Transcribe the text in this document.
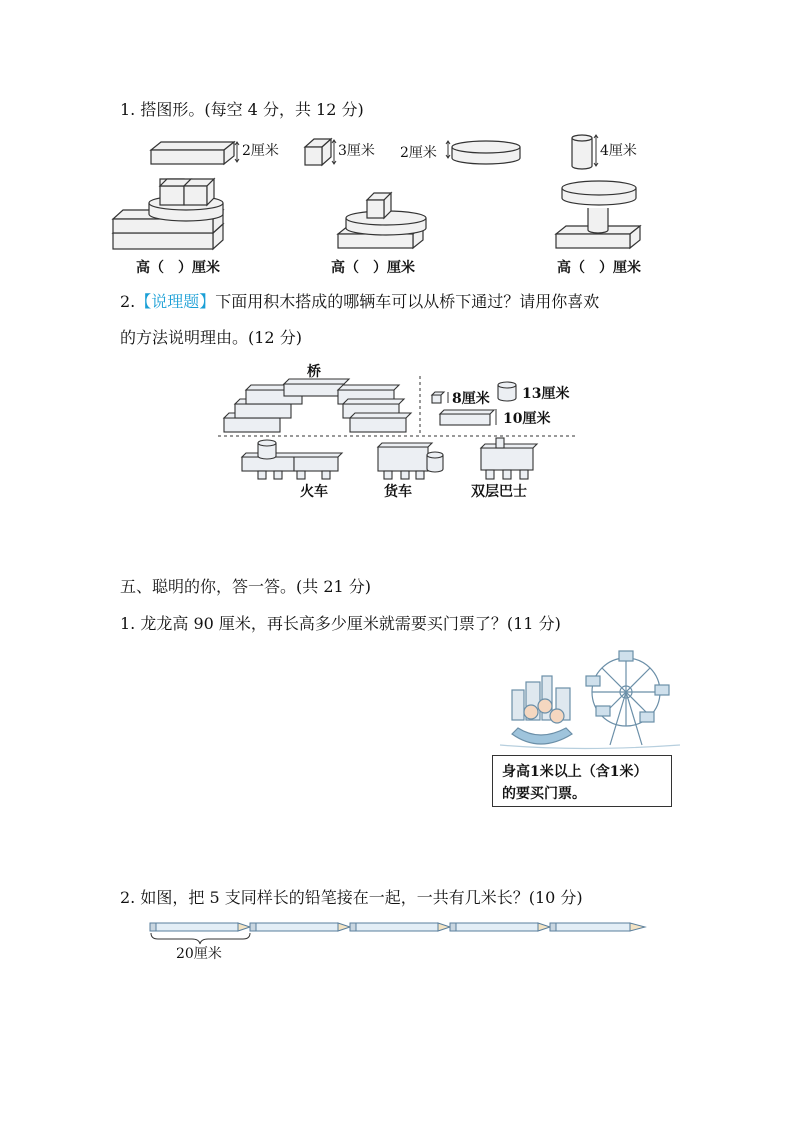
1. 搭图形。(每空 4 分，共 12 分)
2厘米	3厘米 2厘米	4厘米
高（　）厘米	高（　）厘米	高（　）厘米
2.【说理题】下面用积木搭成的哪辆车可以从桥下通过？请用你喜欢
的方法说明理由。(12 分)
桥
8厘米 13厘米
10厘米
火车	货车	双层巴士
五、聪明的你，答一答。(共 21 分)
1. 龙龙高 90 厘米，再长高多少厘米就需要买门票了？(11 分)
身高1米以上（含1米）
的要买门票。
2. 如图，把 5 支同样长的铅笔接在一起，一共有几米长？(10 分)
20厘米
